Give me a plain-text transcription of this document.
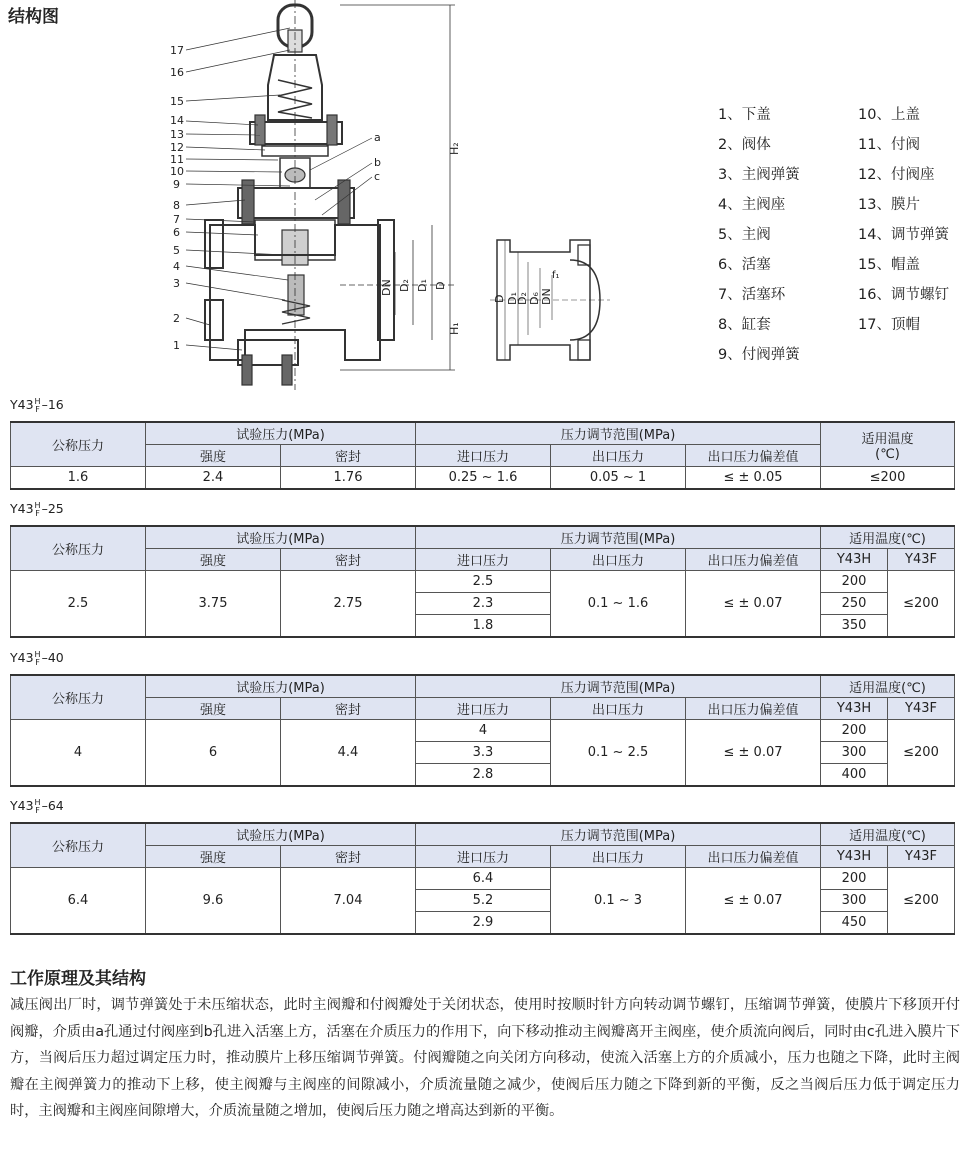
结构图
17
16
15
14
13
12
11
10
9
8
7
6
5
4
3
2
1
a
b
c
H₂
H₁
D
D₁
D₂
DN
D D₁
D₂ D₆ DN
f₁
1、下盖
2、阀体
3、主阀弹簧
4、主阀座
5、主阀
6、活塞
7、活塞环
8、缸套
9、付阀弹簧
10、上盖
11、付阀
12、付阀座
13、膜片
14、调节弹簧
15、帽盖
16、调节螺钉
17、顶帽
Y43 H
F –16
公称压力	试验压力(MPa)		压力调节范围(MPa)			适用温度
(℃)

	强度	密封	进口压力	出口压力	出口压力偏差值	
1.6	2.4	1.76	0.25 ~ 1.6	0.05 ~ 1	≤ ± 0.05	≤200
Y43 H
F –25
公称压力	试验压力(MPa)		压力调节范围(MPa)			适用温度(℃)	
	强度	密封	进口压力	出口压力	出口压力偏差值	Y43H	Y43F
2.5	3.75	2.75	2.5	0.1 ~ 1.6	≤ ± 0.07	200	≤200
			2.3			250	
			1.8			350	
Y43 H
F –40
公称压力	试验压力(MPa)		压力调节范围(MPa)			适用温度(℃)	
	强度	密封	进口压力	出口压力	出口压力偏差值	Y43H	Y43F
4	6	4.4	4	0.1 ~ 2.5	≤ ± 0.07	200	≤200
			3.3			300	
			2.8			400	
Y43 H
F –64
公称压力	试验压力(MPa)		压力调节范围(MPa)			适用温度(℃)	
	强度	密封	进口压力	出口压力	出口压力偏差值	Y43H	Y43F
6.4	9.6	7.04	6.4	0.1 ~ 3	≤ ± 0.07	200	≤200
			5.2			300	
			2.9			450	
工作原理及其结构
减压阀出厂时，调节弹簧处于未压缩状态，此时主阀瓣和付阀瓣处于关闭状态，使用时按顺时针方向转动调节螺钉，压缩调节弹簧，使膜片下移顶开付阀瓣，介质由a孔通过付阀座到b孔进入活塞上方，活塞在介质压力的作用下，向下移动推动主阀瓣离开主阀座，使介质流向阀后，同时由c孔进入膜片下方，当阀后压力超过调定压力时，推动膜片上移压缩调节弹簧。付阀瓣随之向关闭方向移动，使流入活塞上方的介质减小，压力也随之下降，此时主阀瓣在主阀弹簧力的推动下上移，使主阀瓣与主阀座的间隙减小，介质流量随之减少，使阀后压力随之下降到新的平衡，反之当阀后压力低于调定压力时，主阀瓣和主阀座间隙增大，介质流量随之增加，使阀后压力随之增高达到新的平衡。
